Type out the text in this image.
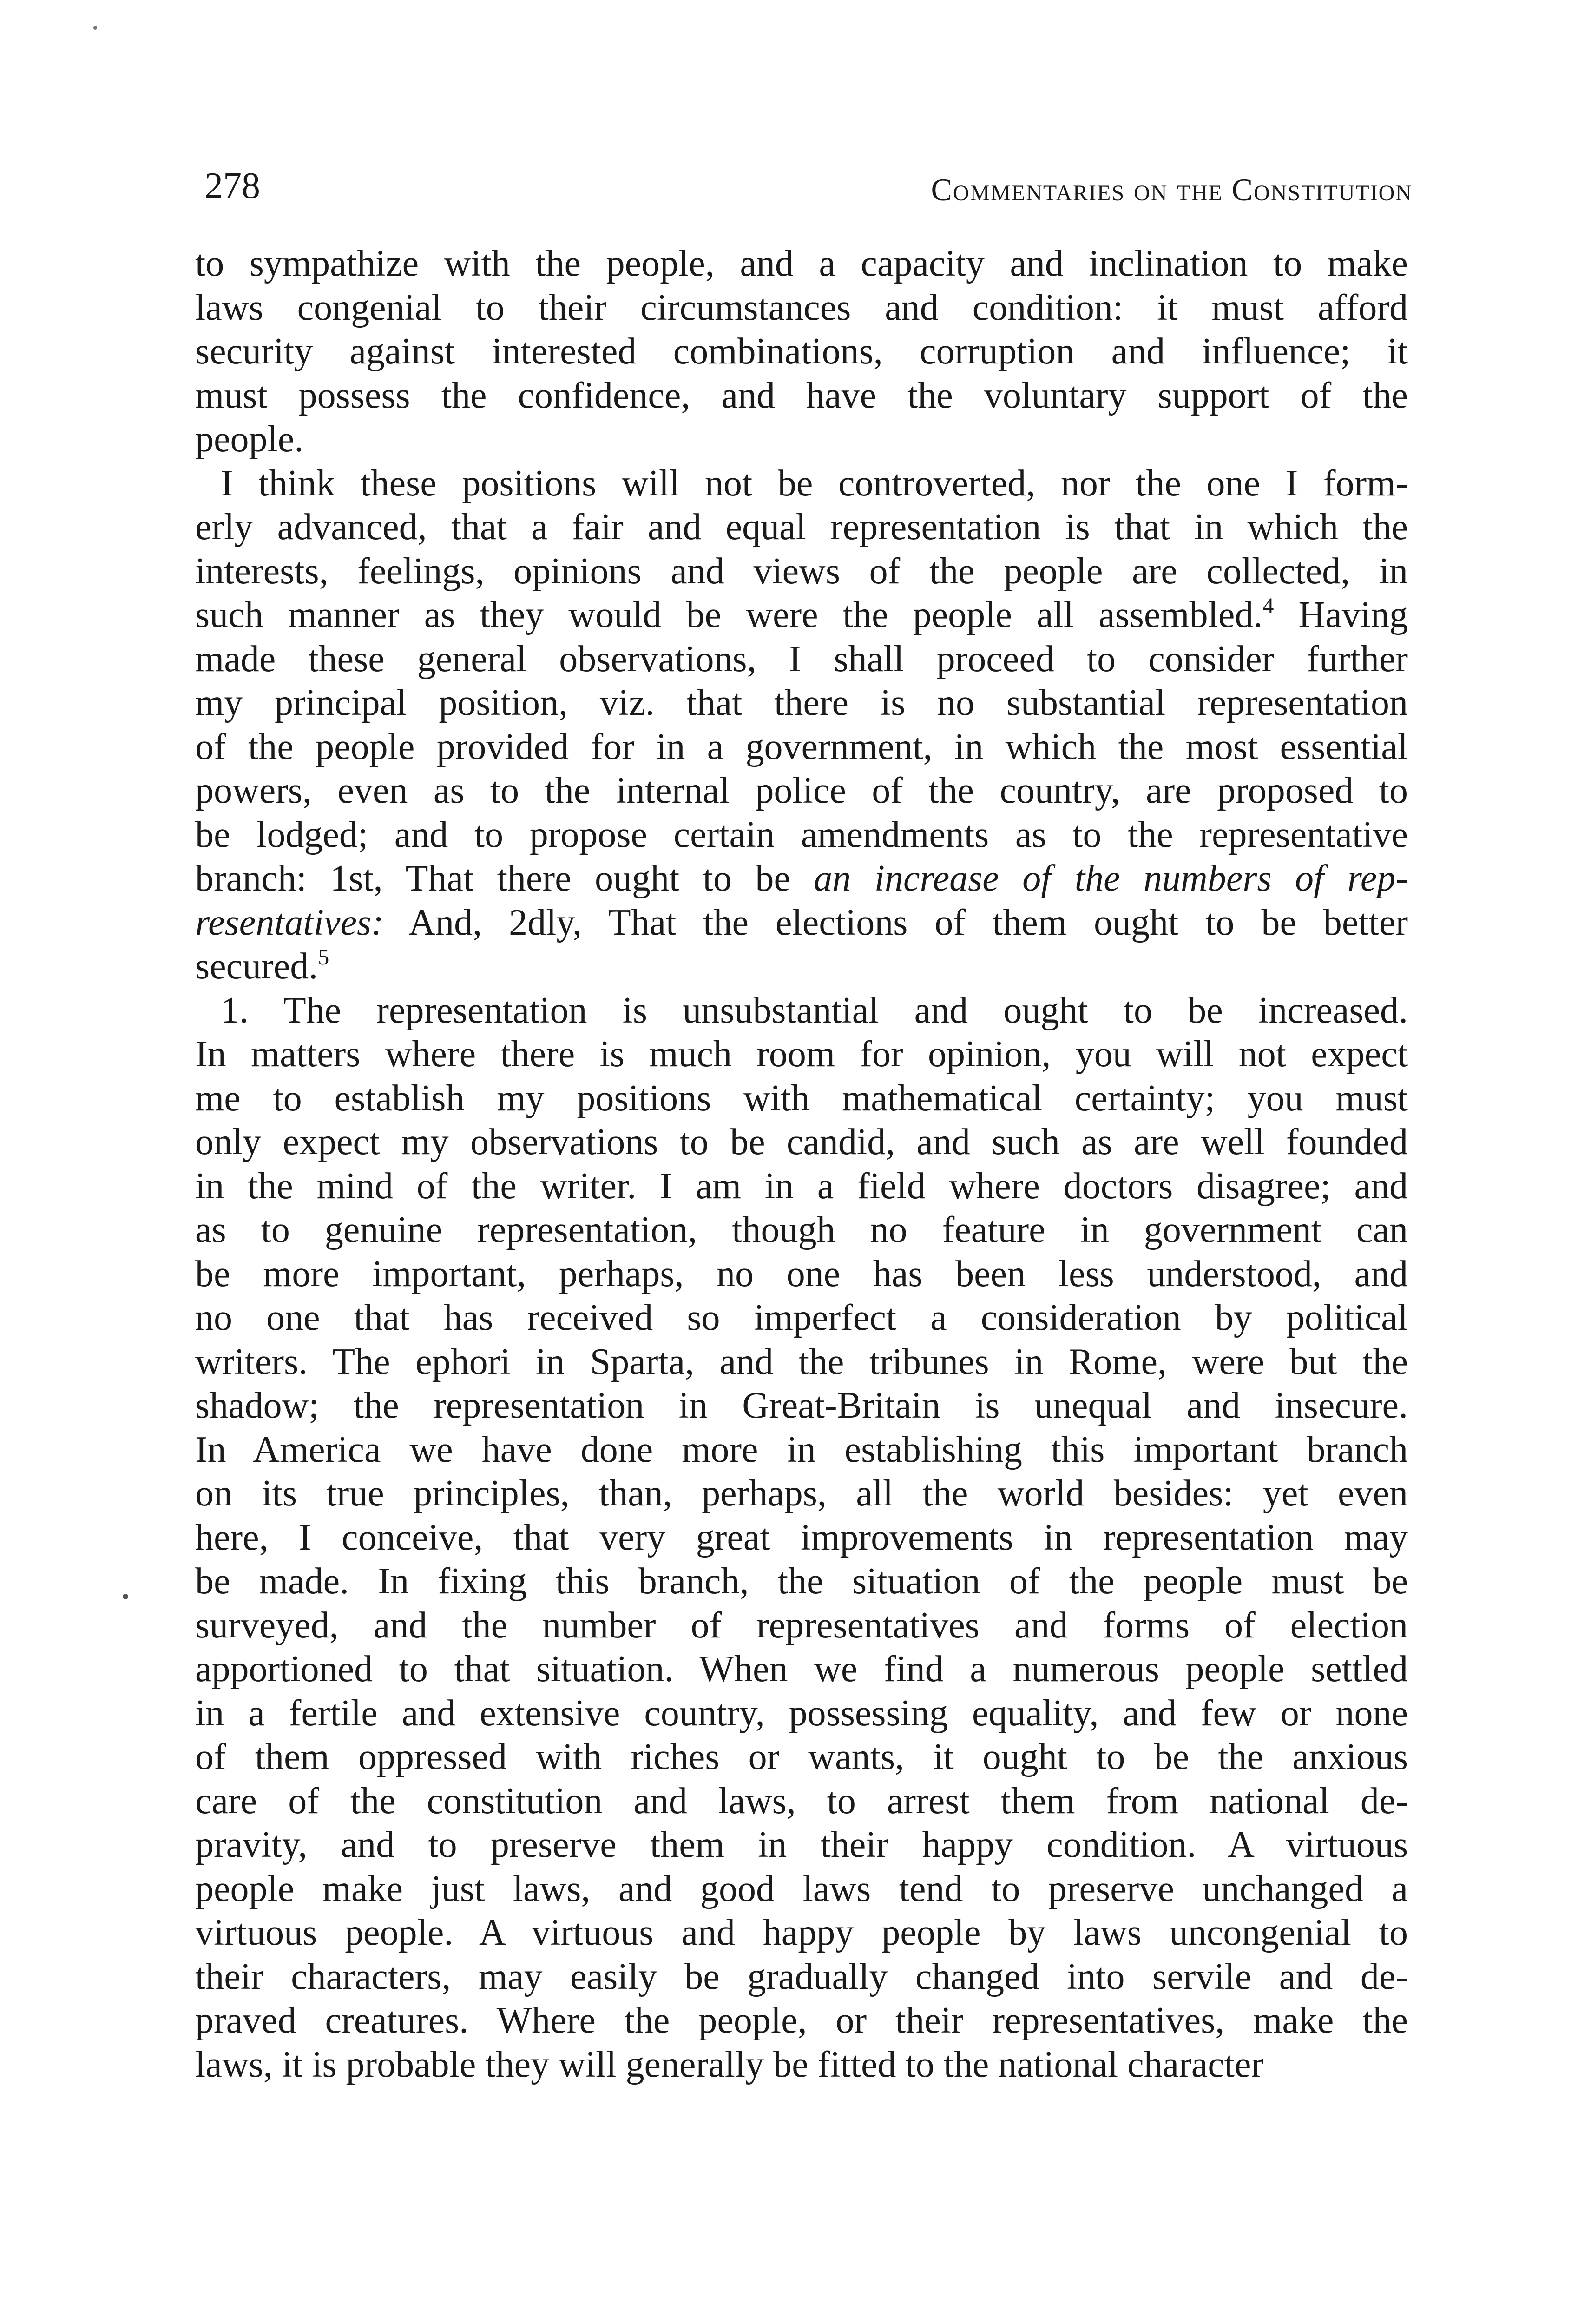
278	Commentaries on the Constitution
to sympathize with the people, and a capacity and inclination to make
laws congenial to their circumstances and condition: it must afford
security against interested combinations, corruption and influence; it
must possess the confidence, and have the voluntary support of the
people.
I think these positions will not be controverted, nor the one I form-
erly advanced, that a fair and equal representation is that in which the
interests, feelings, opinions and views of the people are collected, in
such manner as they would be were the people all assembled.$^4$ Having
made these general observations, I shall proceed to consider further
my principal position, viz. that there is no substantial representation
of the people provided for in a government, in which the most essential
powers, even as to the internal police of the country, are proposed to
be lodged; and to propose certain amendments as to the representative
branch: 1st, That there ought to be an increase of the numbers of rep-
resentatives: And, 2dly, That the elections of them ought to be better
secured.$^5$
1. The representation is unsubstantial and ought to be increased.
In matters where there is much room for opinion, you will not expect
me to establish my positions with mathematical certainty; you must
only expect my observations to be candid, and such as are well founded
in the mind of the writer. I am in a field where doctors disagree; and
as to genuine representation, though no feature in government can
be more important, perhaps, no one has been less understood, and
no one that has received so imperfect a consideration by political
writers. The ephori in Sparta, and the tribunes in Rome, were but the
shadow; the representation in Great-Britain is unequal and insecure.
In America we have done more in establishing this important branch
on its true principles, than, perhaps, all the world besides: yet even
here, I conceive, that very great improvements in representation may
be made. In fixing this branch, the situation of the people must be
surveyed, and the number of representatives and forms of election
apportioned to that situation. When we find a numerous people settled
in a fertile and extensive country, possessing equality, and few or none
of them oppressed with riches or wants, it ought to be the anxious
care of the constitution and laws, to arrest them from national de-
pravity, and to preserve them in their happy condition. A virtuous
people make just laws, and good laws tend to preserve unchanged a
virtuous people. A virtuous and happy people by laws uncongenial to
their characters, may easily be gradually changed into servile and de-
praved creatures. Where the people, or their representatives, make the
laws, it is probable they will generally be fitted to the national character
